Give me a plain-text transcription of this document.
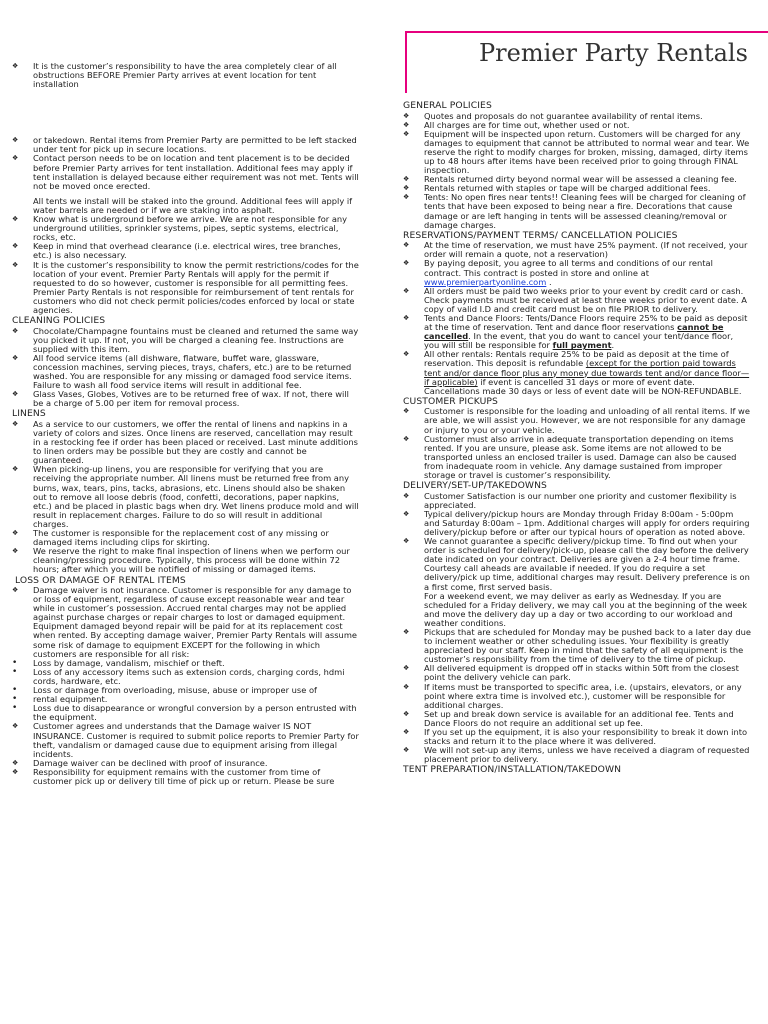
Premier Party Rentals
❖	It is the customer’s responsibility to have the area completely clear of all obstructions BEFORE Premier Party arrives at event location for tent installation
❖	or takedown. Rental items from Premier Party are permitted to be left stacked under tent for pick up in secure locations.
❖	Contact person needs to be on location and tent placement is to be decided before Premier Party arrives for tent installation. Additional fees may apply if tent installation is delayed because either requirement was not met. Tents will not be moved once erected.
All tents we install will be staked into the ground. Additional fees will apply if water barrels are needed or if we are staking into asphalt.
❖	Know what is underground before we arrive. We are not responsible for any underground utilities, sprinkler systems, pipes, septic systems, electrical, rocks, etc.
❖	Keep in mind that overhead clearance (i.e. electrical wires, tree branches, etc.) is also necessary.
❖	It is the customer’s responsibility to know the permit restrictions/codes for the location of your event. Premier Party Rentals will apply for the permit if requested to do so however, customer is responsible for all permitting fees. Premier Party Rentals is not responsible for reimbursement of tent rentals for customers who did not check permit policies/codes enforced by local or state agencies.
CLEANING POLICIES
❖	Chocolate/Champagne fountains must be cleaned and returned the same way you picked it up. If not, you will be charged a cleaning fee. Instructions are supplied with this item.
❖	All food service items (all dishware, flatware, buffet ware, glassware, concession machines, serving pieces, trays, chafers, etc.) are to be returned washed. You are responsible for any missing or damaged food service items. Failure to wash all food service items will result in additional fee.
❖	Glass Vases, Globes, Votives are to be returned free of wax. If not, there will be a charge of 5.00 per item for removal process.
LINENS
❖	As a service to our customers, we offer the rental of linens and napkins in a variety of colors and sizes. Once linens are reserved, cancellation may result in a restocking fee if order has been placed or received. Last minute additions to linen orders may be possible but they are costly and cannot be guaranteed.
❖	When picking-up linens, you are responsible for verifying that you are receiving the appropriate number. All linens must be returned free from any burns, wax, tears, pins, tacks, abrasions, etc. Linens should also be shaken out to remove all loose debris (food, confetti, decorations, paper napkins, etc.) and be placed in plastic bags when dry. Wet linens produce mold and will result in replacement charges. Failure to do so will result in additional charges.
❖	The customer is responsible for the replacement cost of any missing or damaged items including clips for skirting.
❖	We reserve the right to make final inspection of linens when we perform our cleaning/pressing procedure. Typically, this process will be done within 72 hours; after which you will be notified of missing or damaged items.
LOSS OR DAMAGE OF RENTAL ITEMS
❖	Damage waiver is not insurance. Customer is responsible for any damage to or loss of equipment, regardless of cause except reasonable wear and tear while in customer’s possession. Accrued rental charges may not be applied against purchase charges or repair charges to lost or damaged equipment. Equipment damaged beyond repair will be paid for at its replacement cost when rented. By accepting damage waiver, Premier Party Rentals will assume some risk of damage to equipment EXCEPT for the following in which customers are responsible for all risk:
•	Loss by damage, vandalism, mischief or theft.
•	Loss of any accessory items such as extension cords, charging cords, hdmi
cords, hardware, etc.
•	Loss or damage from overloading, misuse, abuse or improper use of
•	rental equipment.
•	Loss due to disappearance or wrongful conversion by a person entrusted with the equipment.
❖	Customer agrees and understands that the Damage waiver IS NOT INSURANCE. Customer is required to submit police reports to Premier Party for theft, vandalism or damaged cause due to equipment arising from illegal incidents.
❖	Damage waiver can be declined with proof of insurance.
❖	Responsibility for equipment remains with the customer from time of customer pick up or delivery till time of pick up or return. Please be sure
GENERAL POLICIES
❖	Quotes and proposals do not guarantee availability of rental items.
❖	All charges are for time out, whether used or not.
❖	Equipment will be inspected upon return. Customers will be charged for any damages to equipment that cannot be attributed to normal wear and tear. We reserve the right to modify charges for broken, missing, damaged, dirty items up to 48 hours after items have been received prior to going through FINAL inspection.
❖	Rentals returned dirty beyond normal wear will be assessed a cleaning fee.
❖	Rentals returned with staples or tape will be charged additional fees.
❖	Tents: No open fires near tents!! Cleaning fees will be charged for cleaning of tents that have been exposed to being near a fire. Decorations that cause damage or are left hanging in tents will be assessed cleaning/removal or damage charges.
RESERVATIONS/PAYMENT TERMS/ CANCELLATION POLICIES
❖	At the time of reservation, we must have 25% payment. (If not received, your order will remain a quote, not a reservation)
❖	By paying deposit, you agree to all terms and conditions of our rental contract. This contract is posted in store and online at www.premierpartyonline.com .
❖	All orders must be paid two weeks prior to your event by credit card or cash. Check payments must be received at least three weeks prior to event date. A copy of valid I.D and credit card must be on file PRIOR to delivery.
❖	Tents and Dance Floors: Tents/Dance Floors require 25% to be paid as deposit at the time of reservation. Tent and dance floor reservations cannot be cancelled. In the event, that you do want to cancel your tent/dance floor, you will still be responsible for full payment.
❖	All other rentals: Rentals require 25% to be paid as deposit at the time of reservation. This deposit is refundable (except for the portion paid towards tent and/or dance floor plus any money due towards tent and/or dance floor—if applicable) if event is cancelled 31 days or more of event date. Cancellations made 30 days or less of event date will be NON-REFUNDABLE.
CUSTOMER PICKUPS
❖	Customer is responsible for the loading and unloading of all rental items. If we are able, we will assist you. However, we are not responsible for any damage or injury to you or your vehicle.
❖	Customer must also arrive in adequate transportation depending on items rented. If you are unsure, please ask. Some items are not allowed to be transported unless an enclosed trailer is used. Damage can also be caused from inadequate room in vehicle. Any damage sustained from improper storage or travel is customer’s responsibility.
DELIVERY/SET-UP/TAKEDOWNS
❖	Customer Satisfaction is our number one priority and customer flexibility is appreciated.
❖	Typical delivery/pickup hours are Monday through Friday 8:00am - 5:00pm and Saturday 8:00am – 1pm. Additional charges will apply for orders requiring delivery/pickup before or after our typical hours of operation as noted above.
❖	We cannot guarantee a specific delivery/pickup time. To find out when your order is scheduled for delivery/pick-up, please call the day before the delivery date indicated on your contract. Deliveries are given a 2-4 hour time frame. Courtesy call aheads are available if needed. If you do require a set delivery/pick up time, additional charges may result. Delivery preference is on a first come, first served basis.
For a weekend event, we may deliver as early as Wednesday. If you are scheduled for a Friday delivery, we may call you at the beginning of the week and move the delivery day up a day or two according to our workload and weather conditions.
❖	Pickups that are scheduled for Monday may be pushed back to a later day due to inclement weather or other scheduling issues. Your flexibility is greatly appreciated by our staff. Keep in mind that the safety of all equipment is the customer’s responsibility from the time of delivery to the time of pickup.
❖	All delivered equipment is dropped off in stacks within 50ft from the closest point the delivery vehicle can park.
❖	If items must be transported to specific area, i.e. (upstairs, elevators, or any point where extra time is involved etc.), customer will be responsible for additional charges.
❖	Set up and break down service is available for an additional fee. Tents and Dance Floors do not require an additional set up fee.
❖	If you set up the equipment, it is also your responsibility to break it down into stacks and return it to the place where it was delivered.
❖	We will not set-up any items, unless we have received a diagram of requested placement prior to delivery.
TENT PREPARATION/INSTALLATION/TAKEDOWN
